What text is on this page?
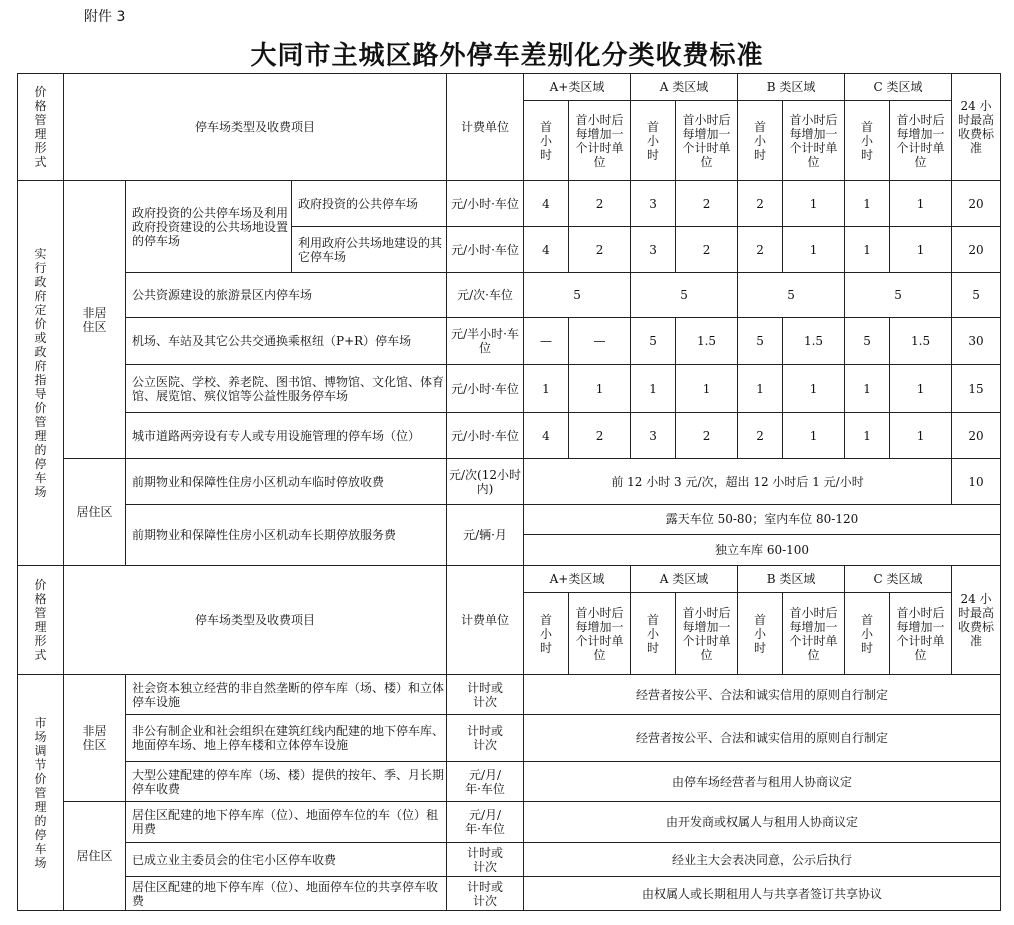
附件 3
大同市主城区路外停车差别化分类收费标准
价格管理形式	停车场类型及收费项目			计费单位	A+类区域		A 类区域		B 类区域		C 类区域		24 小时最高收费标准
					首小时	首小时后每增加一个计时单位	首小时	首小时后每增加一个计时单位	首小时	首小时后每增加一个计时单位	首小时	首小时后每增加一个计时单位	
实行政府定价或政府指导价管理的停车场	非居住区	政府投资的公共停车场及利用政府投资建设的公共场地设置的停车场	政府投资的公共停车场	元/小时·车位	4	2	3	2	2	1	1	1	20
			利用政府公共场地建设的其它停车场	元/小时·车位	4	2	3	2	2	1	1	1	20
		公共资源建设的旅游景区内停车场		元/次·车位	5		5		5		5		5
		机场、车站及其它公共交通换乘枢纽（P+R）停车场		元/半小时·车位	—	—	5	1.5	5	1.5	5	1.5	30
		公立医院、学校、养老院、图书馆、博物馆、文化馆、体育馆、展览馆、殡仪馆等公益性服务停车场		元/小时·车位	1	1	1	1	1	1	1	1	15
		城市道路两旁设有专人或专用设施管理的停车场（位）		元/小时·车位	4	2	3	2	2	1	1	1	20
	居住区	前期物业和保障性住房小区机动车临时停放收费		元/次(12小时内)	前 12 小时 3 元/次，超出 12 小时后 1 元/小时								10
		前期物业和保障性住房小区机动车长期停放服务费		元/辆·月	露天车位 50-80；室内车位 80-120
独立车库 60-100								
价格管理形式	停车场类型及收费项目		计费单位	A+类区域		A 类区域		B 类区域		C 类区域		24 小时最高收费标准
				首小时	首小时后每增加一个计时单位	首小时	首小时后每增加一个计时单位	首小时	首小时后每增加一个计时单位	首小时	首小时后每增加一个计时单位	
市场调节价管理的停车场	非居住区	社会资本独立经营的非自然垄断的停车库（场、楼）和立体停车设施	计时或计次	经营者按公平、合法和诚实信用的原则自行制定								
		非公有制企业和社会组织在建筑红线内配建的地下停车库、地面停车场、地上停车楼和立体停车设施	计时或计次	经营者按公平、合法和诚实信用的原则自行制定								
		大型公建配建的停车库（场、楼）提供的按年、季、月长期停车收费	元/月/年·车位	由停车场经营者与租用人协商议定								
	居住区	居住区配建的地下停车库（位）、地面停车位的车（位）租用费	元/月/年·车位	由开发商或权属人与租用人协商议定								
		已成立业主委员会的住宅小区停车收费	计时或计次	经业主大会表决同意，公示后执行								
		居住区配建的地下停车库（位）、地面停车位的共享停车收费	计时或计次	由权属人或长期租用人与共享者签订共享协议								
